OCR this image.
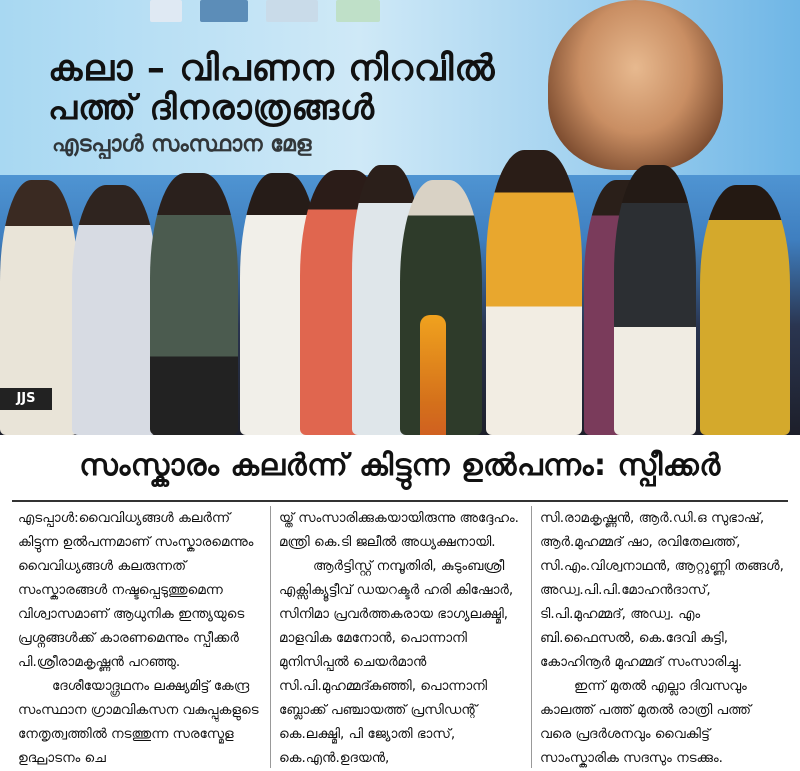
കലാ – വിപണന നിറവിൽ
പത്ത് ദിനരാത്രങ്ങൾ
എടപ്പാൾ സംസ്ഥാന മേള
JJS
സംസ്കാരം കലർന്ന് കിട്ടുന്ന ഉൽപന്നം: സ്പീക്കർ

എടപ്പാൾ:വൈവിധ്യങ്ങൾ കലർന്ന് കിട്ടുന്ന ഉൽപന്നമാണ് സംസ്കാരമെന്നും വൈവിധ്യങ്ങൾ കലരുന്നത് സംസ്കാരങ്ങൾ നഷ്ടപ്പെടുത്തുമെന്ന വിശ്വാസമാണ് ആധുനിക ഇന്ത്യയുടെ പ്രശ്നങ്ങൾക്ക് കാരണമെന്നും സ്പീക്കർ പി.ശ്രീരാമകൃഷ്ണൻ പറഞ്ഞു.

ദേശീയോദ്ഗ്രഥനം ലക്ഷ്യമിട്ട് കേന്ദ്ര സംസ്ഥാന ഗ്രാമവികസന വകുപ്പുകളുടെ നേതൃത്വത്തിൽ നടത്തുന്ന സരസ്മേള ഉദ്ഘാടനം ചെ

യ്ത് സംസാരിക്കുകയായിരുന്നു അദ്ദേഹം. മന്ത്രി കെ.ടി ജലീൽ അധ്യക്ഷനായി.

ആർട്ടിസ്റ്റ് നമ്പൂതിരി, കുടുംബശ്രീ എക്സിക്യൂട്ടീവ് ഡയറക്ടർ ഹരി കിഷോർ, സിനിമാ പ്രവർത്തകരായ ഭാഗ്യലക്ഷ്മി, മാളവിക മേനോൻ, പൊന്നാനി മുനിസിപ്പൽ ചെയർമാൻ സി.പി.മുഹമ്മദ്കുഞ്ഞി, പൊന്നാനി ബ്ലോക്ക് പഞ്ചായത്ത് പ്രസിഡന്റ് കെ.ലക്ഷ്മി, പി ജ്യോതി ഭാസ്, കെ.എൻ.ഉദയൻ,

സി.രാമകൃഷ്ണൻ, ആർ.ഡി.ഒ സുഭാഷ്, ആർ.മുഹമ്മദ് ഷാ, രവിതേലത്ത്, സി.എം.വിശ്വനാഥൻ, ആറ്റുണ്ണി തങ്ങൾ, അഡ്വ.പി.പി.മോഹൻദാസ്, ടി.പി.മുഹമ്മദ്, അഡ്വ. എം ബി.ഫൈസൽ, കെ.ദേവി കുട്ടി, കോഹിനൂർ മുഹമ്മദ് സംസാരിച്ചു.

ഇന്ന് മുതൽ എല്ലാ ദിവസവും കാലത്ത് പത്ത് മുതൽ രാത്രി പത്ത് വരെ പ്രദർശനവും വൈകിട്ട് സാംസ്കാരിക സദസും നടക്കും.
